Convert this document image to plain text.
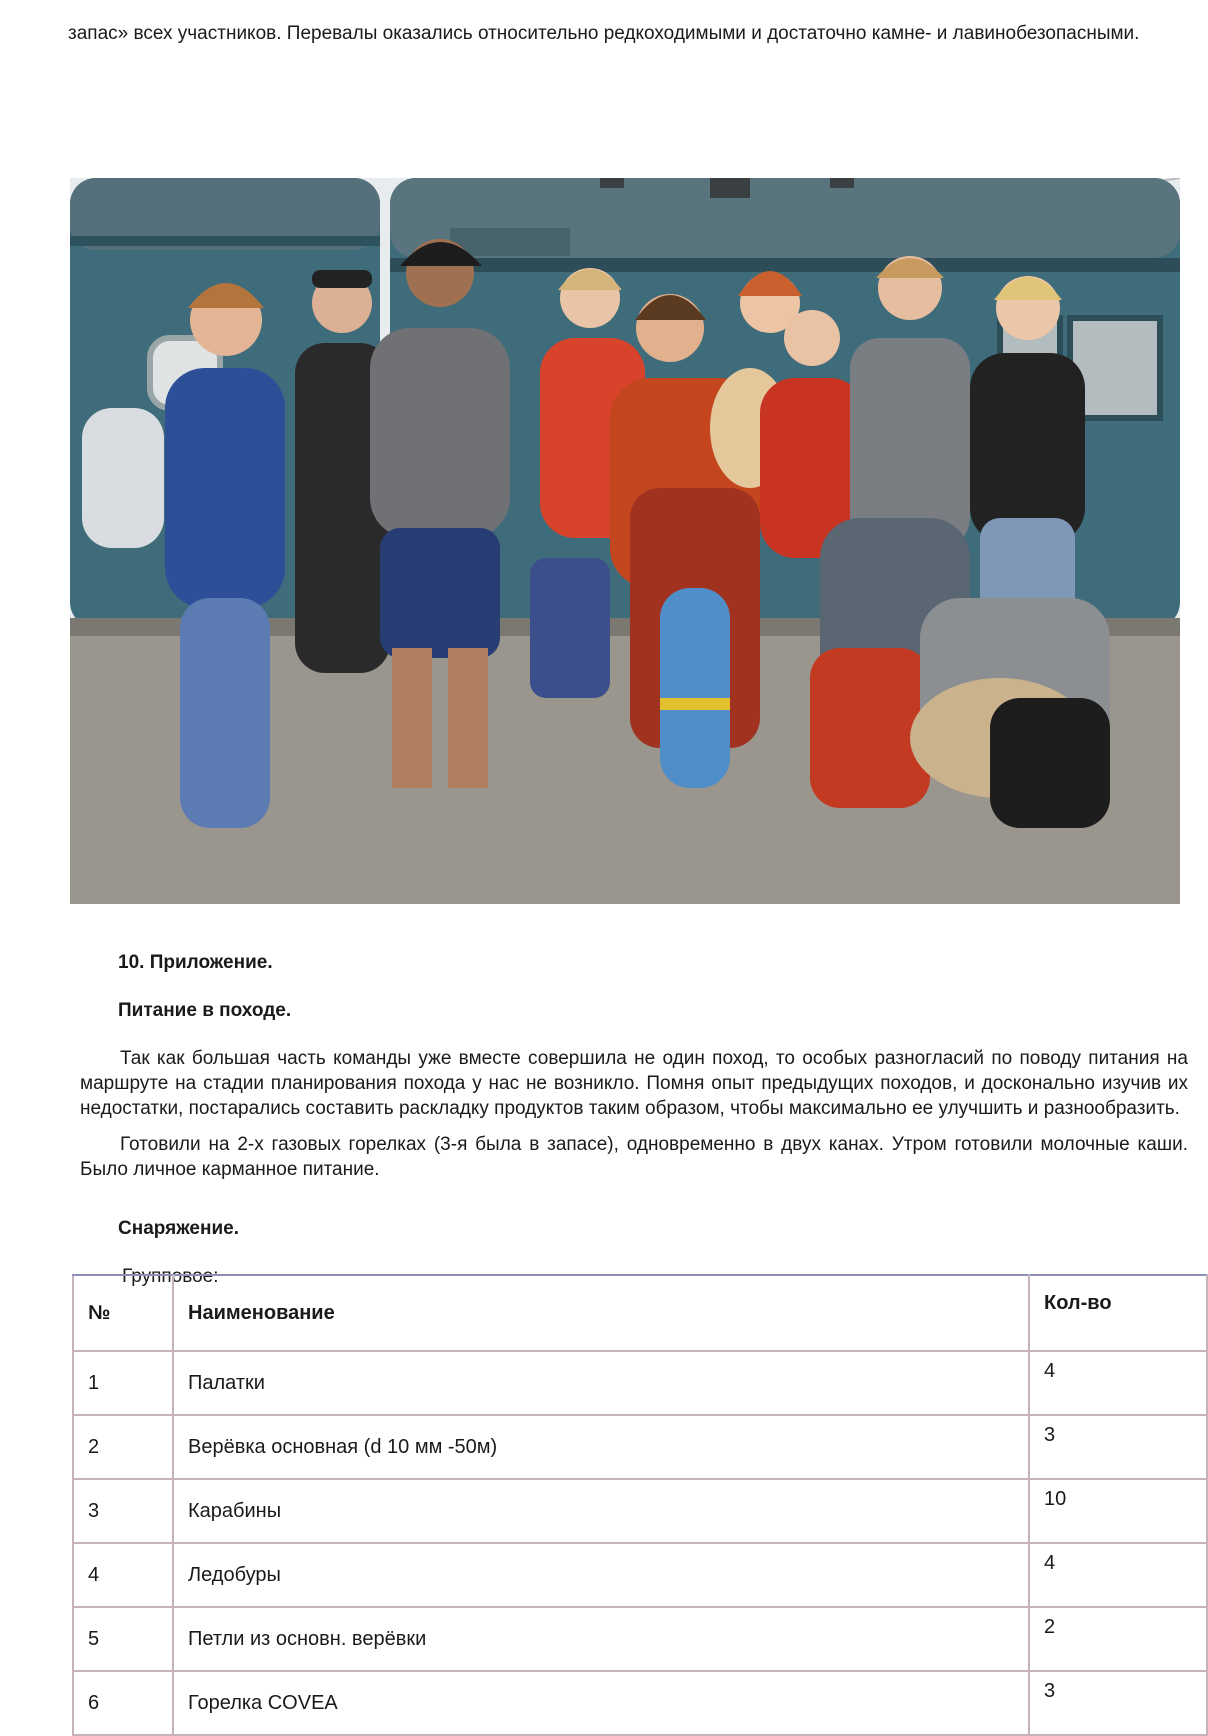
запас» всех участников. Перевалы оказались относительно редкоходимыми и достаточно камне- и лавинобезопасными.
10. Приложение.
Питание в походе.

Так как большая часть команды уже вместе совершила не один поход, то особых разногласий по поводу питания на маршруте на стадии планирования похода у нас не возникло. Помня опыт предыдущих походов, и досконально изучив их недостатки, постарались составить раскладку продуктов таким образом, чтобы максимально ее улучшить и разнообразить.

Готовили на 2-х газовых горелках (3-я была в запасе), одновременно в двух канах. Утром готовили молочные каши. Было личное карманное питание.

Снаряжение.
Групповое:
№	Наименование	Кол-во
1	Палатки	4
2	Верёвка основная (d 10 мм -50м)	3
3	Карабины	10
4	Ледобуры	4
5	Петли из основн. верёвки	2
6	Горелка COVEA	3
